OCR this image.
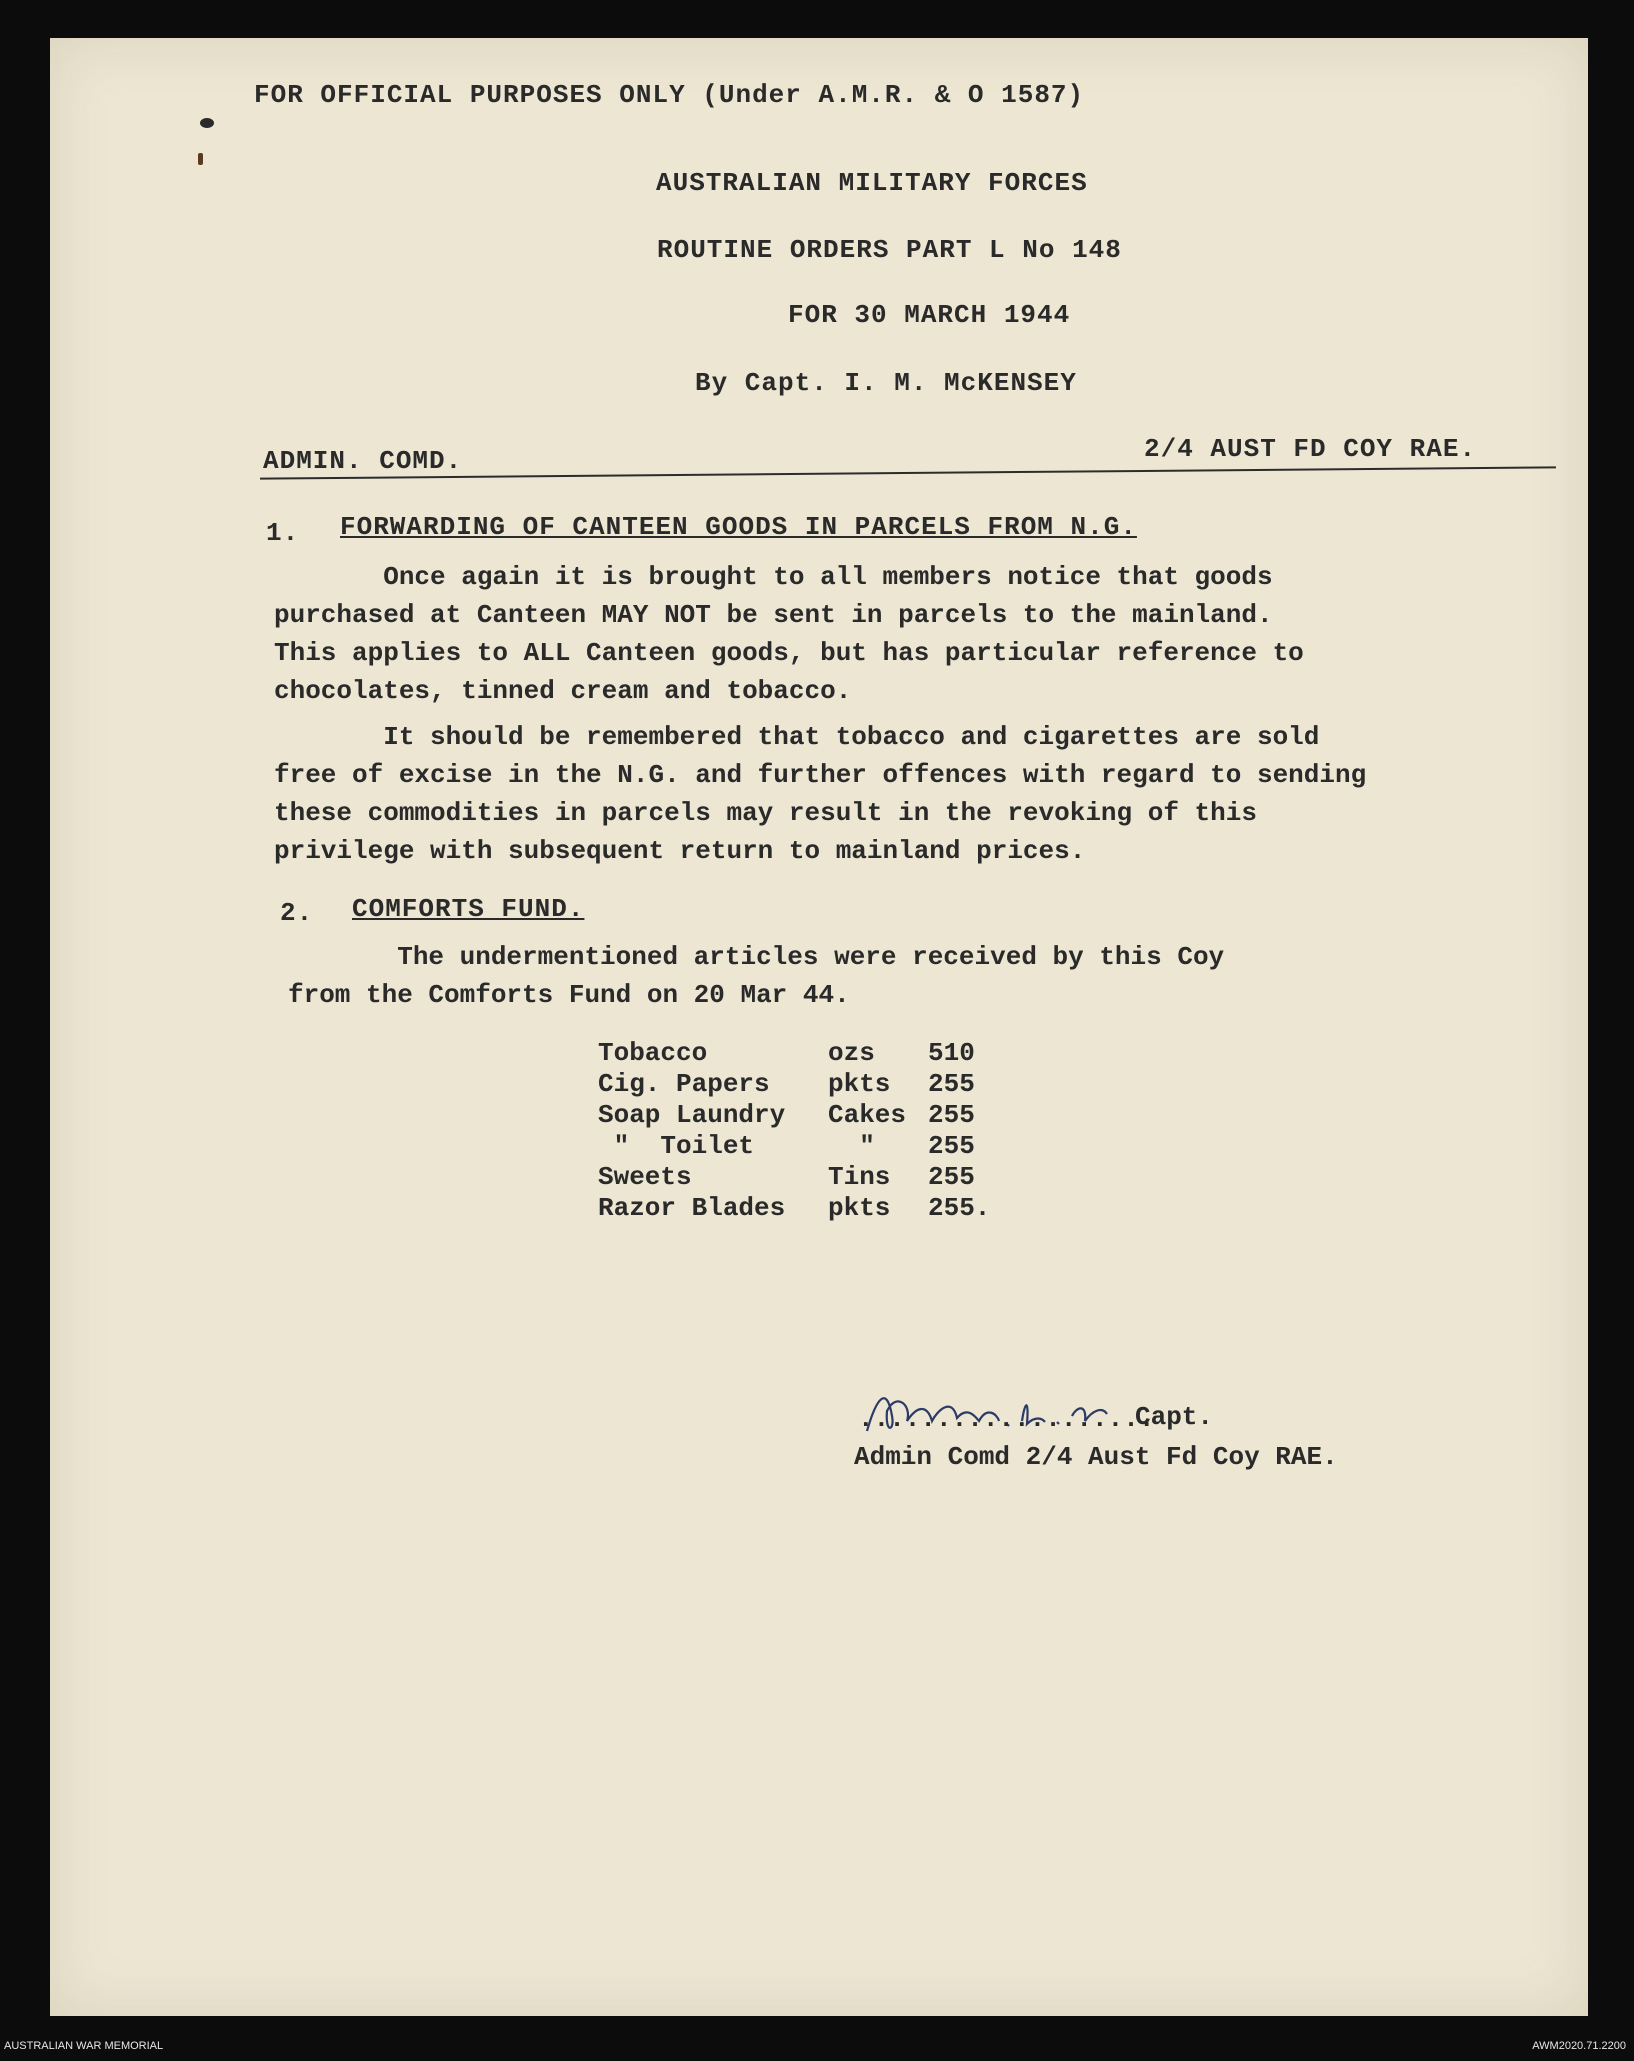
FOR OFFICIAL PURPOSES ONLY (Under A.M.R. & O 1587)
AUSTRALIAN MILITARY FORCES
ROUTINE ORDERS PART L No 148
FOR 30 MARCH 1944
By Capt. I. M. McKENSEY
ADMIN. COMD.	2/4 AUST FD COY RAE.
1. FORWARDING OF CANTEEN GOODS IN PARCELS FROM N.G.
Once again it is brought to all members notice that goods
purchased at Canteen MAY NOT be sent in parcels to the mainland.
This applies to ALL Canteen goods, but has particular reference to
chocolates, tinned cream and tobacco.
It should be remembered that tobacco and cigarettes are sold
free of excise in the N.G. and further offences with regard to sending
these commodities in parcels may result in the revoking of this
privilege with subsequent return to mainland prices.
2. COMFORTS FUND.
The undermentioned articles were received by this Coy
from the Comforts Fund on 20 Mar 44.
Tobacco	ozs	510
Cig. Papers	pkts	255
Soap Laundry	Cakes 255
"  Toilet	"	255
Sweets	Tins	255
Razor Blades	pkts	255.
...................
Capt.
Admin Comd 2/4 Aust Fd Coy RAE.
AUSTRALIAN WAR MEMORIAL	AWM2020.71.2200
